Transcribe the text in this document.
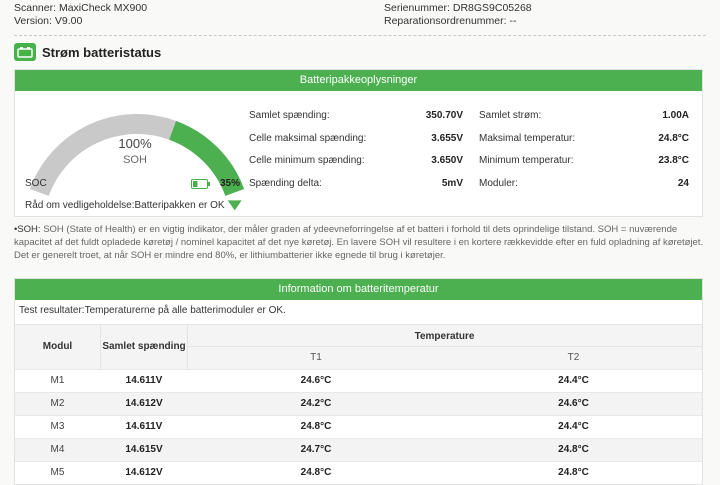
Scanner: MaxiCheck MX900
Version: V9.00
Serienummer: DR8GS9C05268
Reparationsordrenummer: --
Strøm batteristatus
Batteripakkeoplysninger
100%
SOH
SOC	35%
Råd om vedligeholdelse:Batteripakken er OK
Samlet spænding:	350.70V
Celle maksimal spænding:	3.655V
Celle minimum spænding:	3.650V
Spænding delta:	5mV
Samlet strøm:	1.00A
Maksimal temperatur:	24.8°C
Minimum temperatur:	23.8°C
Moduler:	24
•SOH: SOH (State of Health) er en vigtig indikator, der måler graden af ydeevneforringelse af et batteri i forhold til dets oprindelige tilstand. SOH = nuværende kapacitet af det fuldt opladede køretøj / nominel kapacitet af det nye køretøj. En lavere SOH vil resultere i en kortere rækkevidde efter en fuld opladning af køretøjet. Det er generelt troet, at når SOH er mindre end 80%, er lithiumbatterier ikke egnede til brug i køretøjer.
Information om batteritemperatur
Test resultater:Temperaturerne på alle batterimoduler er OK.
Modul	Samlet spænding
Temperature
T1	T2
M1	14.611V	24.6°C	24.4°C
M2	14.612V	24.2°C	24.6°C
M3	14.611V	24.8°C	24.4°C
M4	14.615V	24.7°C	24.8°C
M5	14.612V	24.8°C	24.8°C
